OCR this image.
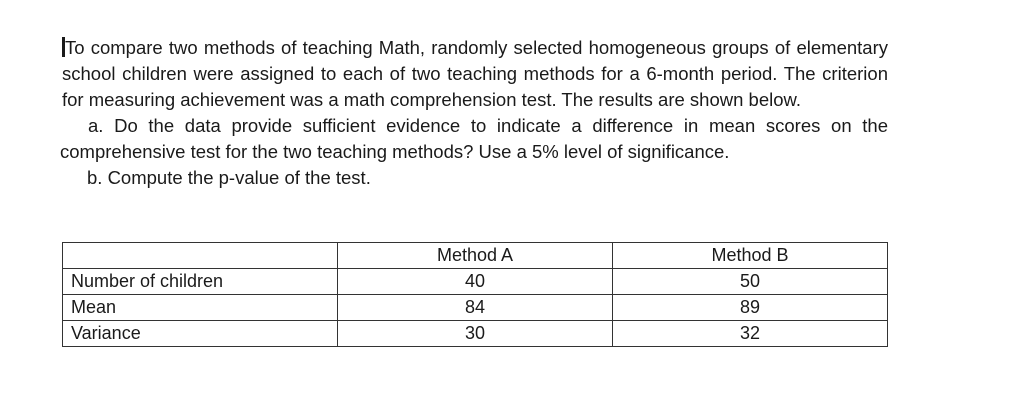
To compare two methods of teaching Math, randomly selected homogeneous groups of elementary school children were assigned to each of two teaching methods for a 6-month period. The criterion for measuring achievement was a math comprehension test. The results are shown below.

a. Do the data provide sufficient evidence to indicate a difference in mean scores on the comprehensive test for the two teaching methods? Use a 5% level of significance.

b. Compute the p-value of the test.

	Method A	Method B
Number of children	40	50
Mean	84	89
Variance	30	32
